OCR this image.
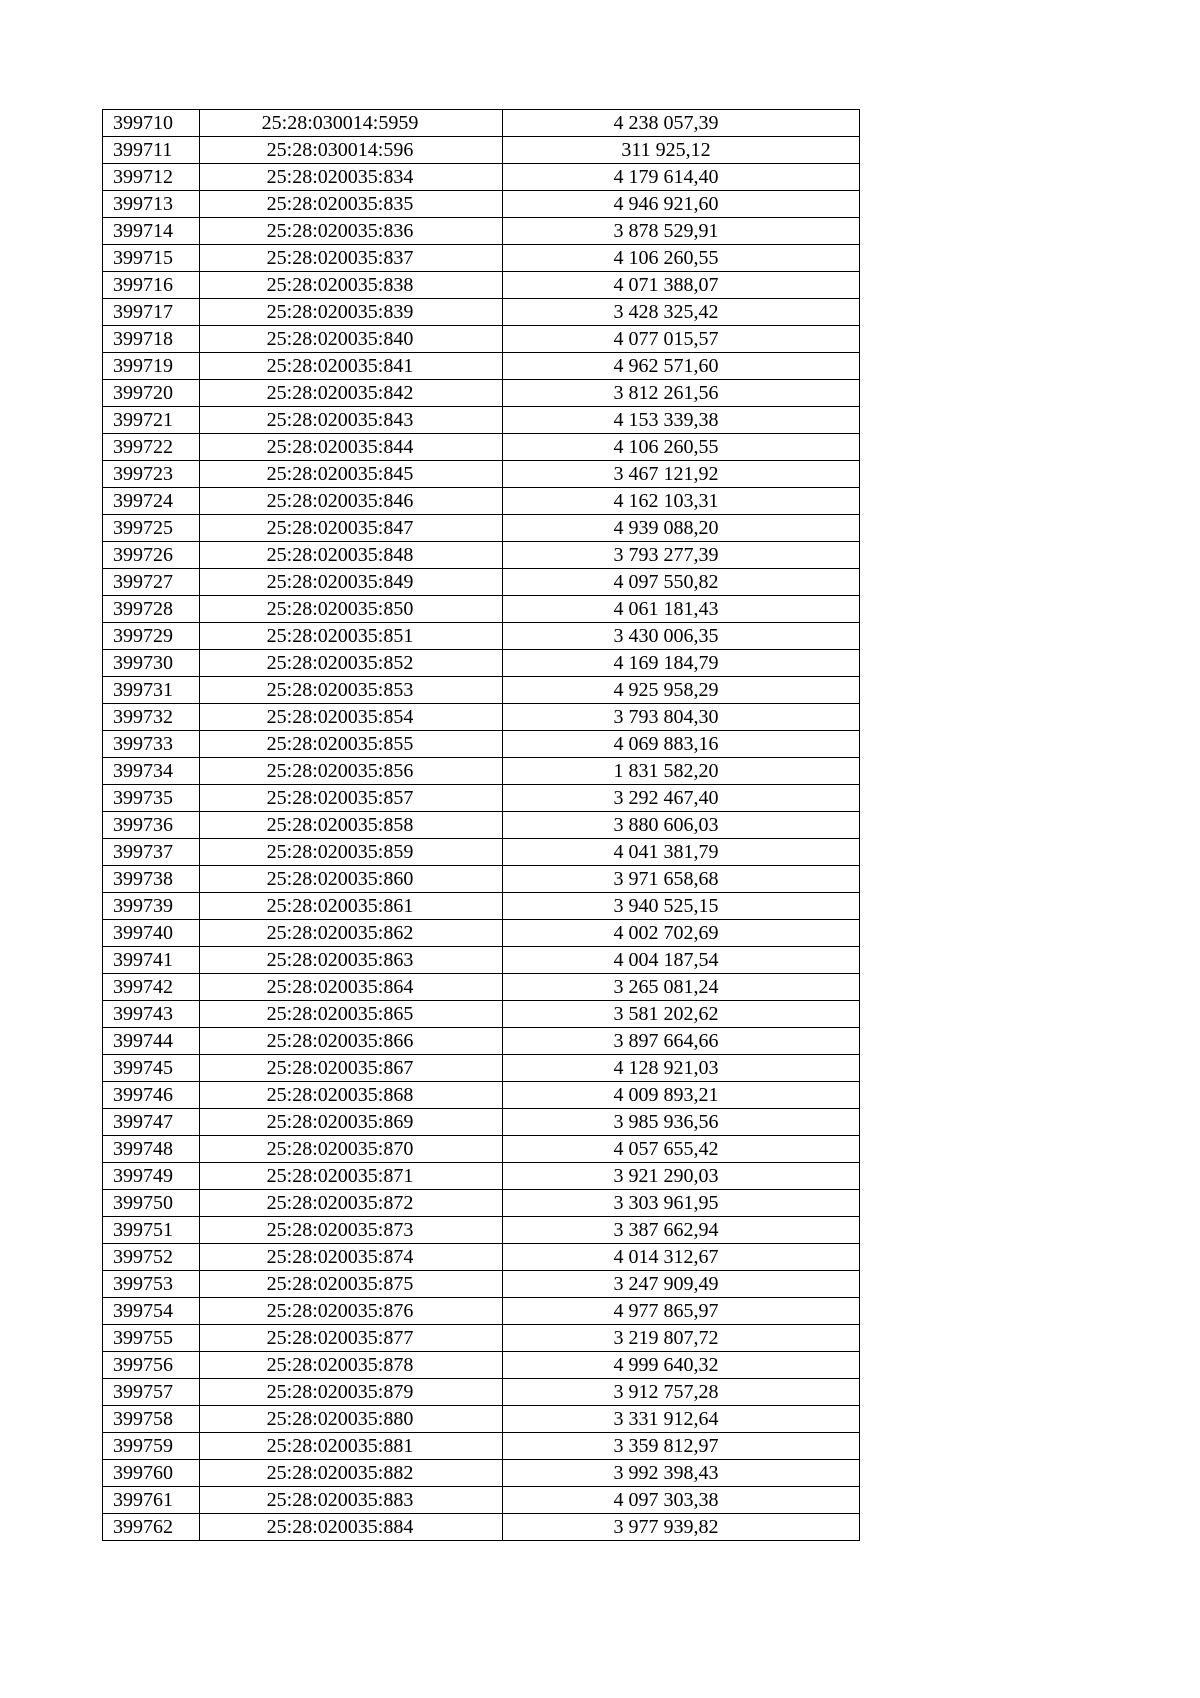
399710	25:28:030014:5959	4 238 057,39
399711	25:28:030014:596	311 925,12
399712	25:28:020035:834	4 179 614,40
399713	25:28:020035:835	4 946 921,60
399714	25:28:020035:836	3 878 529,91
399715	25:28:020035:837	4 106 260,55
399716	25:28:020035:838	4 071 388,07
399717	25:28:020035:839	3 428 325,42
399718	25:28:020035:840	4 077 015,57
399719	25:28:020035:841	4 962 571,60
399720	25:28:020035:842	3 812 261,56
399721	25:28:020035:843	4 153 339,38
399722	25:28:020035:844	4 106 260,55
399723	25:28:020035:845	3 467 121,92
399724	25:28:020035:846	4 162 103,31
399725	25:28:020035:847	4 939 088,20
399726	25:28:020035:848	3 793 277,39
399727	25:28:020035:849	4 097 550,82
399728	25:28:020035:850	4 061 181,43
399729	25:28:020035:851	3 430 006,35
399730	25:28:020035:852	4 169 184,79
399731	25:28:020035:853	4 925 958,29
399732	25:28:020035:854	3 793 804,30
399733	25:28:020035:855	4 069 883,16
399734	25:28:020035:856	1 831 582,20
399735	25:28:020035:857	3 292 467,40
399736	25:28:020035:858	3 880 606,03
399737	25:28:020035:859	4 041 381,79
399738	25:28:020035:860	3 971 658,68
399739	25:28:020035:861	3 940 525,15
399740	25:28:020035:862	4 002 702,69
399741	25:28:020035:863	4 004 187,54
399742	25:28:020035:864	3 265 081,24
399743	25:28:020035:865	3 581 202,62
399744	25:28:020035:866	3 897 664,66
399745	25:28:020035:867	4 128 921,03
399746	25:28:020035:868	4 009 893,21
399747	25:28:020035:869	3 985 936,56
399748	25:28:020035:870	4 057 655,42
399749	25:28:020035:871	3 921 290,03
399750	25:28:020035:872	3 303 961,95
399751	25:28:020035:873	3 387 662,94
399752	25:28:020035:874	4 014 312,67
399753	25:28:020035:875	3 247 909,49
399754	25:28:020035:876	4 977 865,97
399755	25:28:020035:877	3 219 807,72
399756	25:28:020035:878	4 999 640,32
399757	25:28:020035:879	3 912 757,28
399758	25:28:020035:880	3 331 912,64
399759	25:28:020035:881	3 359 812,97
399760	25:28:020035:882	3 992 398,43
399761	25:28:020035:883	4 097 303,38
399762	25:28:020035:884	3 977 939,82
